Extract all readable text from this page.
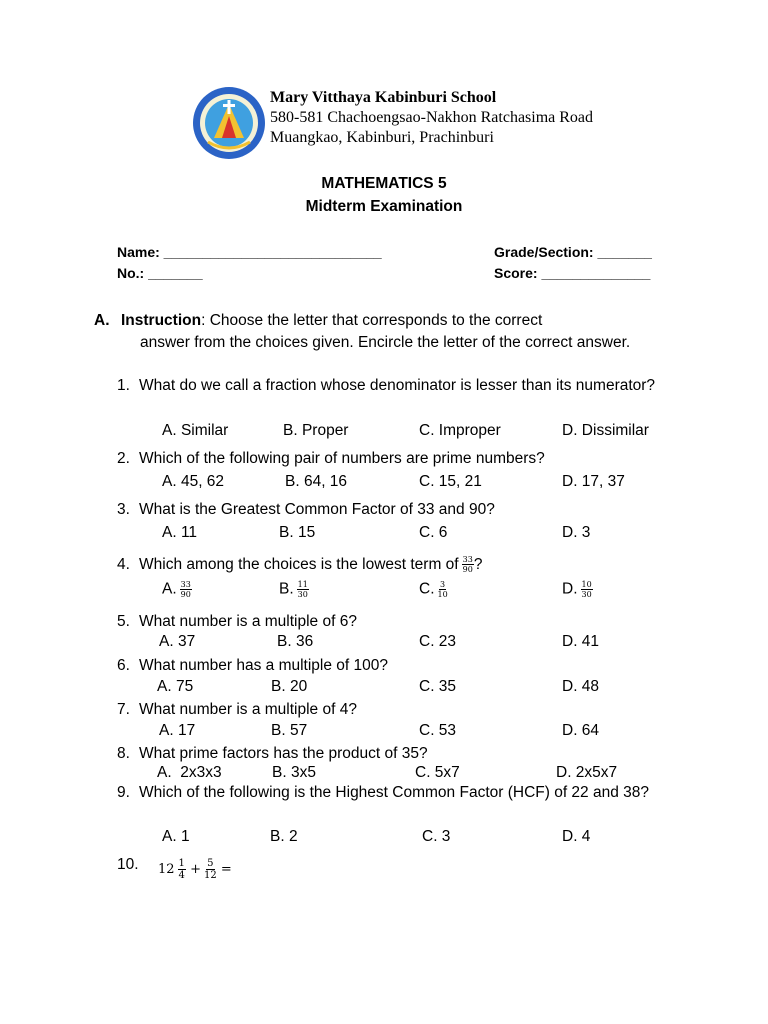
Mary Vitthaya Kabinburi School
580-581 Chachoengsao-Nakhon Ratchasima Road
Muangkao, Kabinburi, Prachinburi
MATHEMATICS 5
Midterm Examination
Name: ____________________________	Grade/Section: _______
No.: _______	Score: ______________
A. Instruction: Choose the letter that corresponds to the correct
answer from the choices given. Encircle the letter of the correct answer.
1. What do we call a fraction whose denominator is lesser than its numerator?
A. Similar	B. Proper	C. Improper	D. Dissimilar
2. Which of the following pair of numbers are prime numbers?
A. 45, 62	B. 64, 16	C. 15, 21	D. 17, 37
3. What is the Greatest Common Factor of 33 and 90?
A. 11	B. 15	C. 6	D. 3
4. Which among the choices is the lowest term of $\frac{33}{90}$ ?
A. $\frac{33}{90}$	B. $\frac{11}{30}$	C. $\frac{3}{10}$	D. $\frac{10}{30}$
5. What number is a multiple of 6?
A. 37	B. 36	C. 23	D. 41
6. What number has a multiple of 100?
A. 75	B. 20	C. 35	D. 48
7. What number is a multiple of 4?
A. 17	B. 57	C. 53	D. 64
8. What prime factors has the product of 35?
A.  2x3x3	B. 3x5	C. 5x7	D. 2x5x7
9. Which of the following is the Highest Common Factor (HCF) of 22 and 38?
A. 1	B. 2	C. 3	D. 4
10. $12 \frac{1}{4} + \frac{5}{12}$ =
